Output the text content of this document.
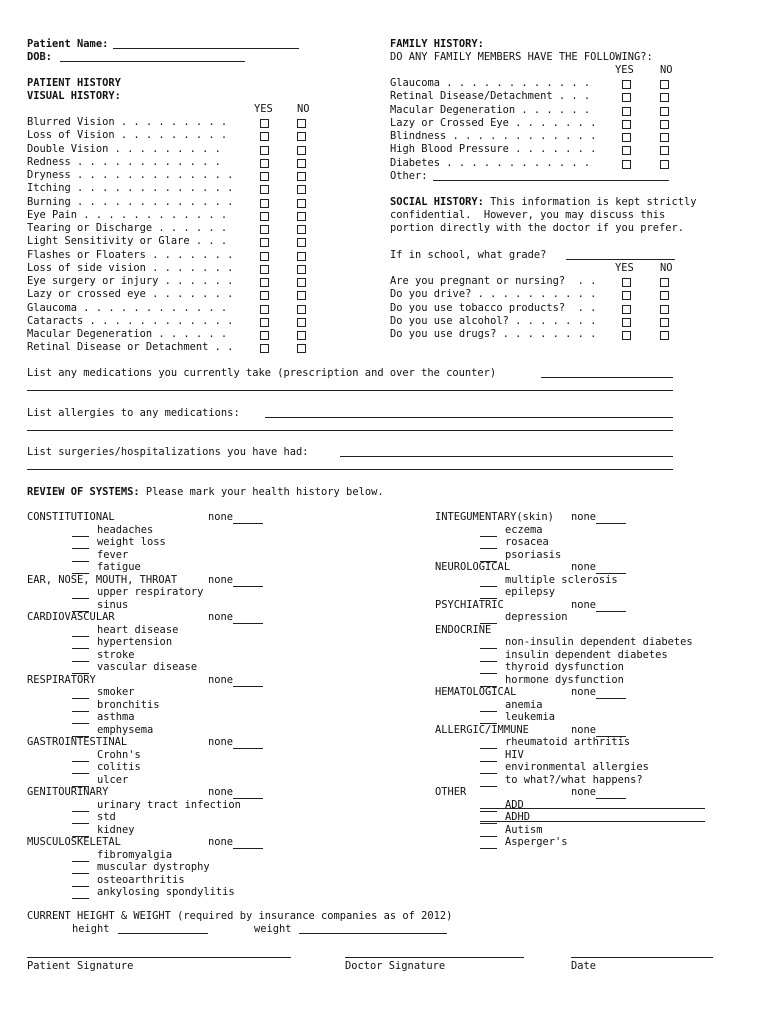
Patient Name:
DOB:
PATIENT HISTORY
VISUAL HISTORY:
YES NO
Blurred Vision . . . . . . . . .
Loss of Vision . . . . . . . . .
Double Vision . . . . . . . . .
Redness . . . . . . . . . . . .
Dryness . . . . . . . . . . . . .
Itching . . . . . . . . . . . . .
Burning . . . . . . . . . . . . .
Eye Pain . . . . . . . . . . . .
Tearing or Discharge . . . . . .
Light Sensitivity or Glare . . .
Flashes or Floaters . . . . . . .
Loss of side vision . . . . . . .
Eye surgery or injury . . . . . .
Lazy or crossed eye . . . . . . .
Glaucoma . . . . . . . . . . . .
Cataracts . . . . . . . . . . . .
Macular Degeneration . . . . . .
Retinal Disease or Detachment . .
FAMILY HISTORY:
DO ANY FAMILY MEMBERS HAVE THE FOLLOWING?:
YES	NO
Glaucoma . . . . . . . . . . . .
Retinal Disease/Detachment . . .
Macular Degeneration . . . . . .
Lazy or Crossed Eye . . . . . . .
Blindness . . . . . . . . . . . .
High Blood Pressure . . . . . . .
Diabetes . . . . . . . . . . . .
Other:
SOCIAL HISTORY: This information is kept strictly
confidential.  However, you may discuss this
portion directly with the doctor if you prefer.
If in school, what grade?
YES	NO
Are you pregnant or nursing?  . .
Do you drive? . . . . . . . . . .
Do you use tobacco products?  . .
Do you use alcohol? . . . . . . .
Do you use drugs? . . . . . . . .
List any medications you currently take (prescription and over the counter)
List allergies to any medications:
List surgeries/hospitalizations you have had:
REVIEW OF SYSTEMS: Please mark your health history below.
CONSTITUTIONAL	none
headaches
weight loss
fever
fatigue
EAR, NOSE, MOUTH, THROAT	none
upper respiratory
sinus
CARDIOVASCULAR	none
heart disease
hypertension
stroke
vascular disease
RESPIRATORY	none
smoker
bronchitis
asthma
emphysema
GASTROINTESTINAL	none
Crohn's
colitis
ulcer
GENITOURINARY	none
urinary tract infection
std
kidney
MUSCULOSKELETAL	none
fibromyalgia
muscular dystrophy
osteoarthritis
ankylosing spondylitis
INTEGUMENTARY(skin) none
eczema
rosacea
psoriasis
NEUROLOGICAL	none
multiple sclerosis
epilepsy
PSYCHIATRIC	none
depression
ENDOCRINE
non-insulin dependent diabetes
insulin dependent diabetes
thyroid dysfunction
hormone dysfunction
HEMATOLOGICAL	none
anemia
leukemia
ALLERGIC/IMMUNE	none
rheumatoid arthritis
HIV
environmental allergies
to what?/what happens?
OTHER	none
ADD
ADHD
Autism
Asperger's
CURRENT HEIGHT & WEIGHT (required by insurance companies as of 2012)
height	weight
Patient Signature	Doctor Signature	Date
